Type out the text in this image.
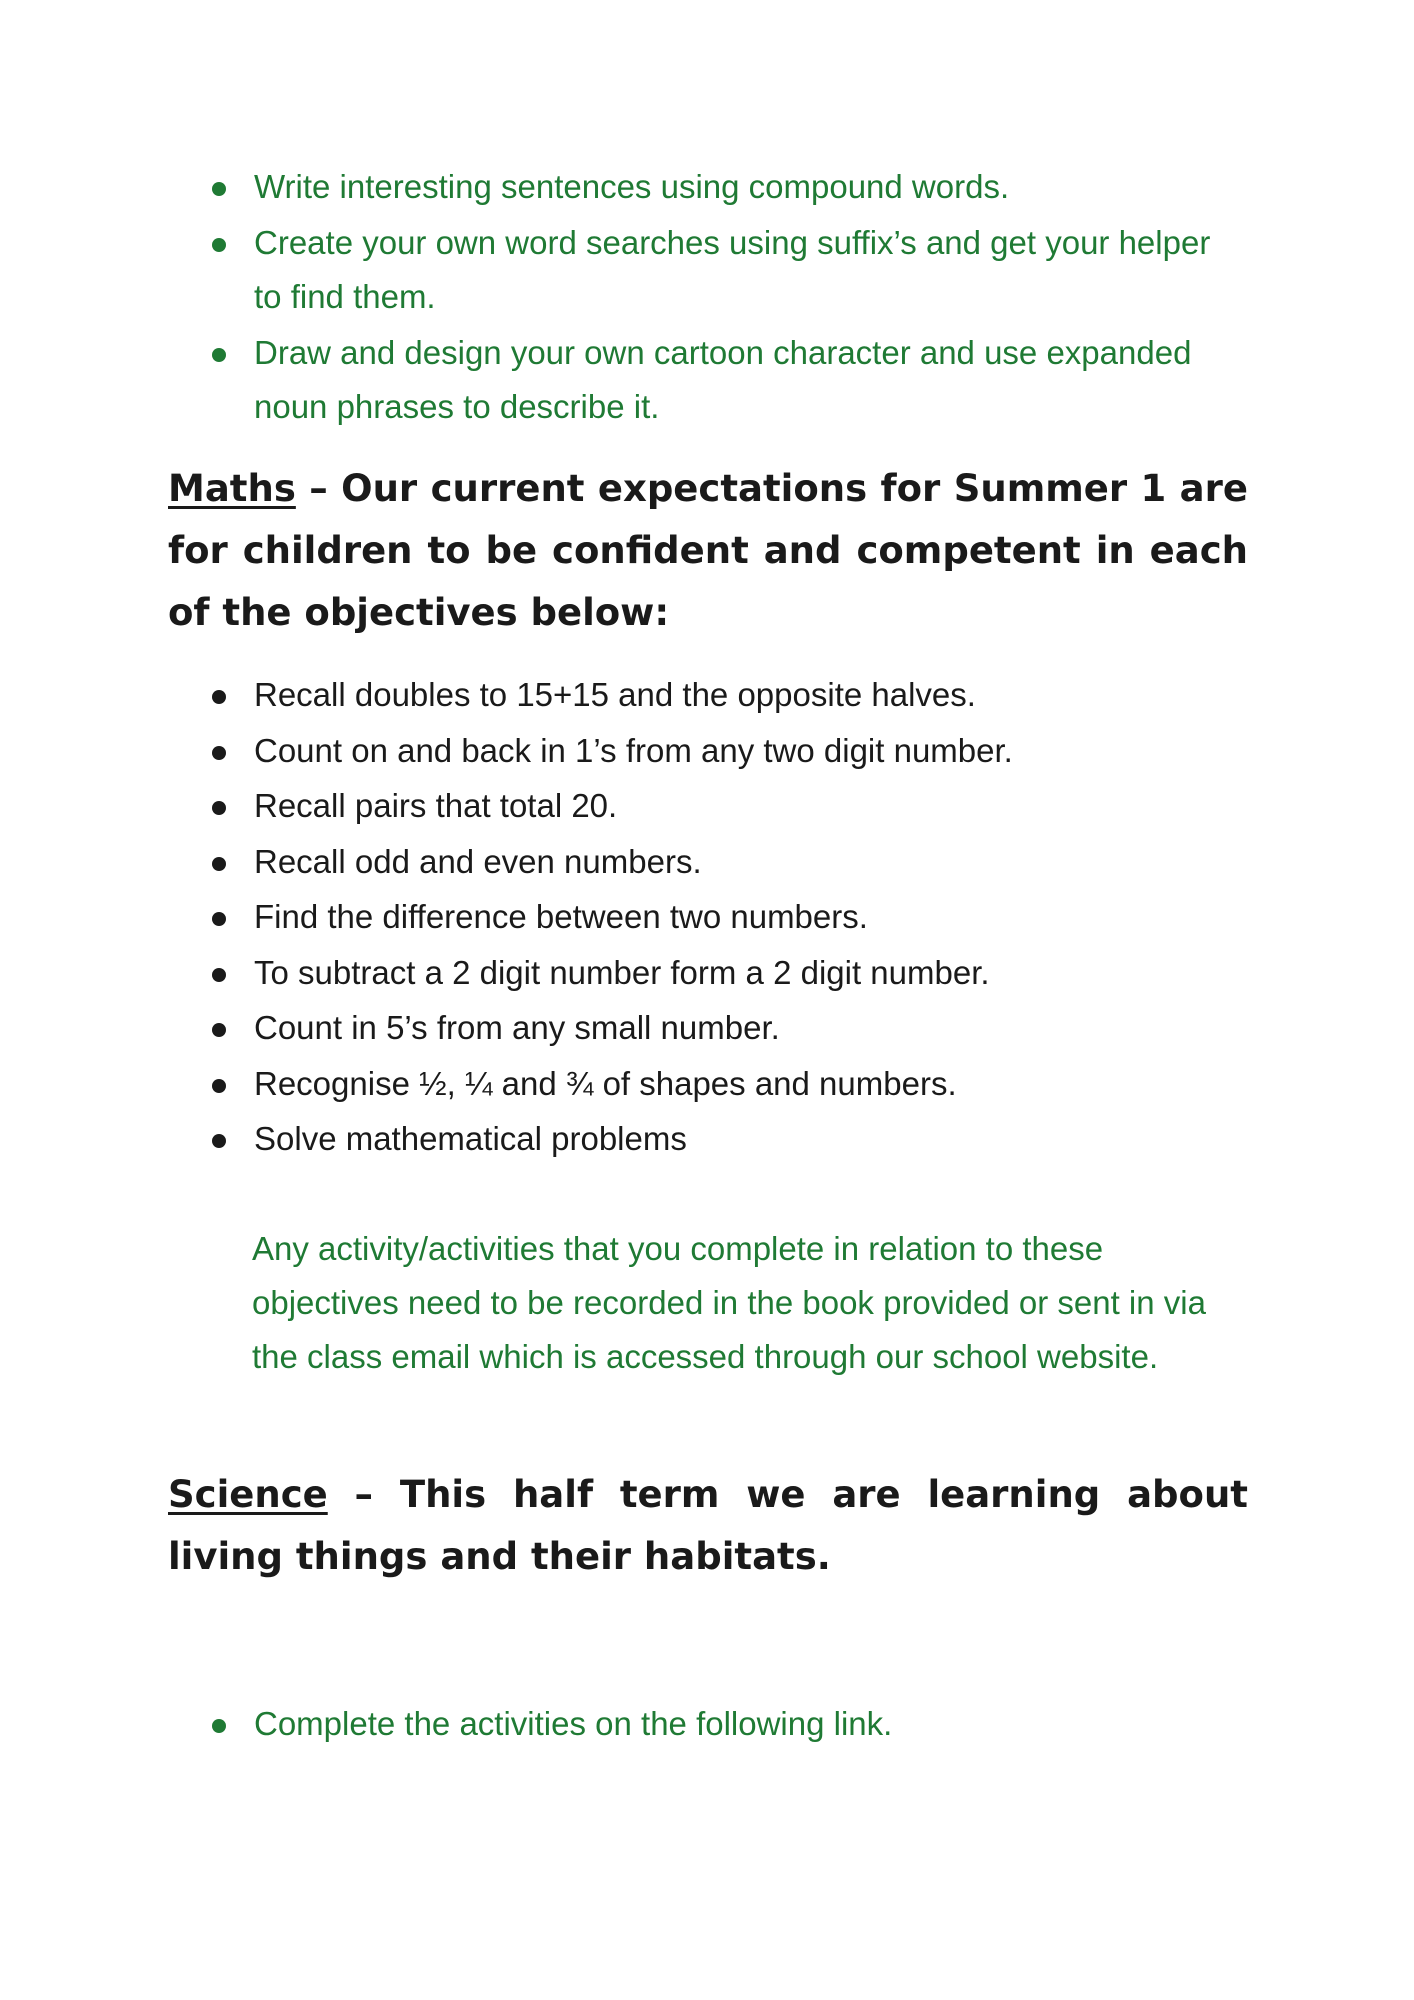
Write interesting sentences using compound words.
Create your own word searches using suffix’s and get your helper to find them.
Draw and design your own cartoon character and use expanded noun phrases to describe it.
Maths – Our current expectations for Summer 1 are for children to be confident and competent in each of the objectives below:
Recall doubles to 15+15 and the opposite halves.
Count on and back in 1’s from any two digit number.
Recall pairs that total 20.
Recall odd and even numbers.
Find the difference between two numbers.
To subtract a 2 digit number form a 2 digit number.
Count in 5’s from any small number.
Recognise ½, ¼ and ¾ of shapes and numbers.
Solve mathematical problems
Any activity/activities that you complete in relation to these objectives need to be recorded in the book provided or sent in via the class email which is accessed through our school website.
Science – This half term we are learning about living things and their habitats.
Complete the activities on the following link.
